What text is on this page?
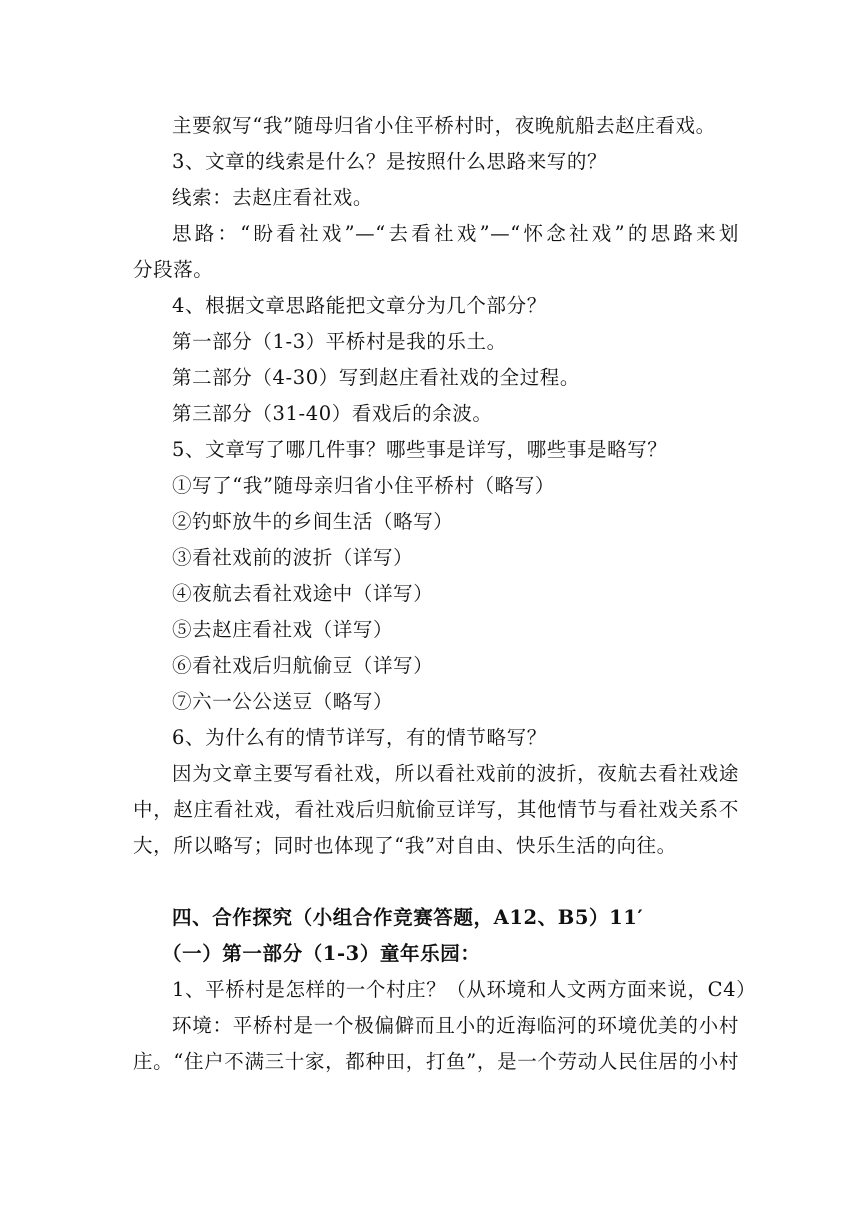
主要叙写“我”随母归省小住平桥村时，夜晚航船去赵庄看戏。
3、文章的线索是什么？是按照什么思路来写的？
线索：去赵庄看社戏。
思路：“盼看社戏”—“去看社戏”—“怀念社戏”的思路来划
分段落。
4、根据文章思路能把文章分为几个部分？
第一部分（1-3）平桥村是我的乐土。
第二部分（4-30）写到赵庄看社戏的全过程。
第三部分（31-40）看戏后的余波。
5、文章写了哪几件事？哪些事是详写，哪些事是略写？
①写了“我”随母亲归省小住平桥村（略写）
②钓虾放牛的乡间生活（略写）
③看社戏前的波折（详写）
④夜航去看社戏途中（详写）
⑤去赵庄看社戏（详写）
⑥看社戏后归航偷豆（详写）
⑦六一公公送豆（略写）
6、为什么有的情节详写，有的情节略写？
因为文章主要写看社戏，所以看社戏前的波折，夜航去看社戏途
中，赵庄看社戏，看社戏后归航偷豆详写，其他情节与看社戏关系不
大，所以略写；同时也体现了“我”对自由、快乐生活的向往。
四、合作探究（小组合作竞赛答题，A12、B5）11′
（一）第一部分（1-3）童年乐园：
1、平桥村是怎样的一个村庄？（从环境和人文两方面来说，C4）
环境：平桥村是一个极偏僻而且小的近海临河的环境优美的小村
庄。“住户不满三十家，都种田，打鱼”，是一个劳动人民住居的小村
